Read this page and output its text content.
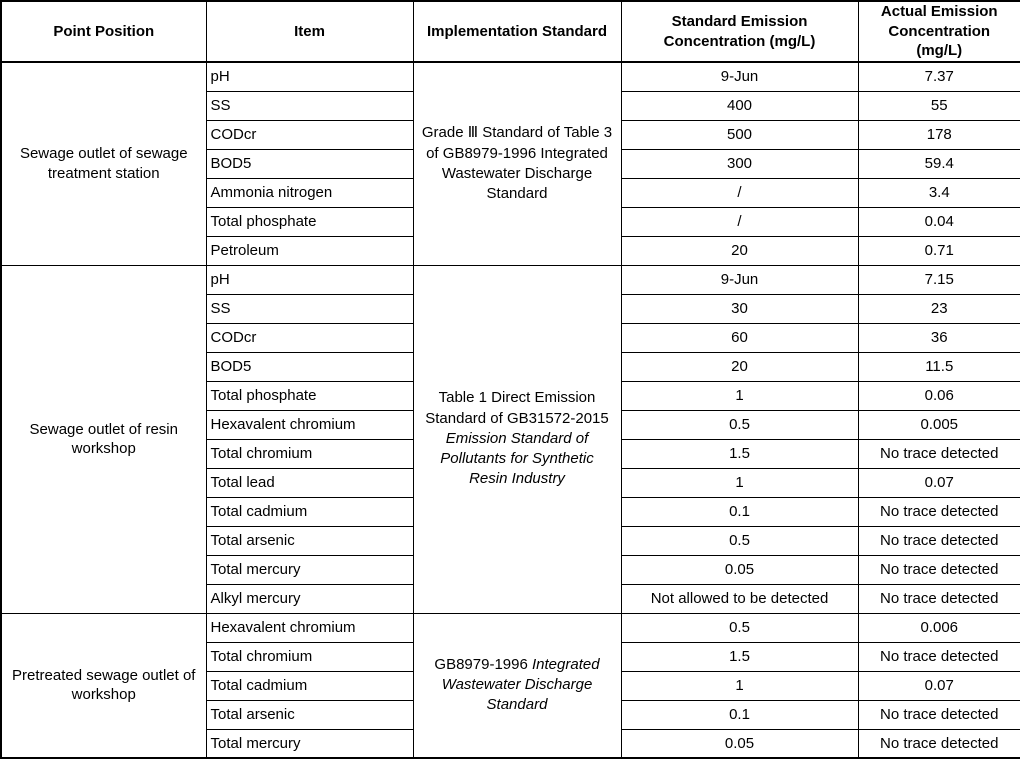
Point Position	Item	Implementation Standard	Standard Emission Concentration (mg/L)	Actual Emission Concentration (mg/L)
Sewage outlet of sewage treatment station	pH	Grade Ⅲ Standard of Table 3 of GB8979-1996 Integrated Wastewater Discharge Standard	9-Jun	7.37
	SS		400	55
	CODcr		500	178
	BOD5		300	59.4
	Ammonia nitrogen		/	3.4
	Total phosphate		/	0.04
	Petroleum		20	0.71
Sewage outlet of resin workshop	pH	Table 1 Direct Emission Standard of GB31572-2015 Emission Standard of Pollutants for Synthetic Resin Industry	9-Jun	7.15
	SS		30	23
	CODcr		60	36
	BOD5		20	11.5
	Total phosphate		1	0.06
	Hexavalent chromium		0.5	0.005
	Total chromium		1.5	No trace detected
	Total lead		1	0.07
	Total cadmium		0.1	No trace detected
	Total arsenic		0.5	No trace detected
	Total mercury		0.05	No trace detected
	Alkyl mercury		Not allowed to be detected	No trace detected
Pretreated sewage outlet of workshop	Hexavalent chromium	GB8979-1996 Integrated Wastewater Discharge Standard	0.5	0.006
	Total chromium		1.5	No trace detected
	Total cadmium		1	0.07
	Total arsenic		0.1	No trace detected
	Total mercury		0.05	No trace detected
